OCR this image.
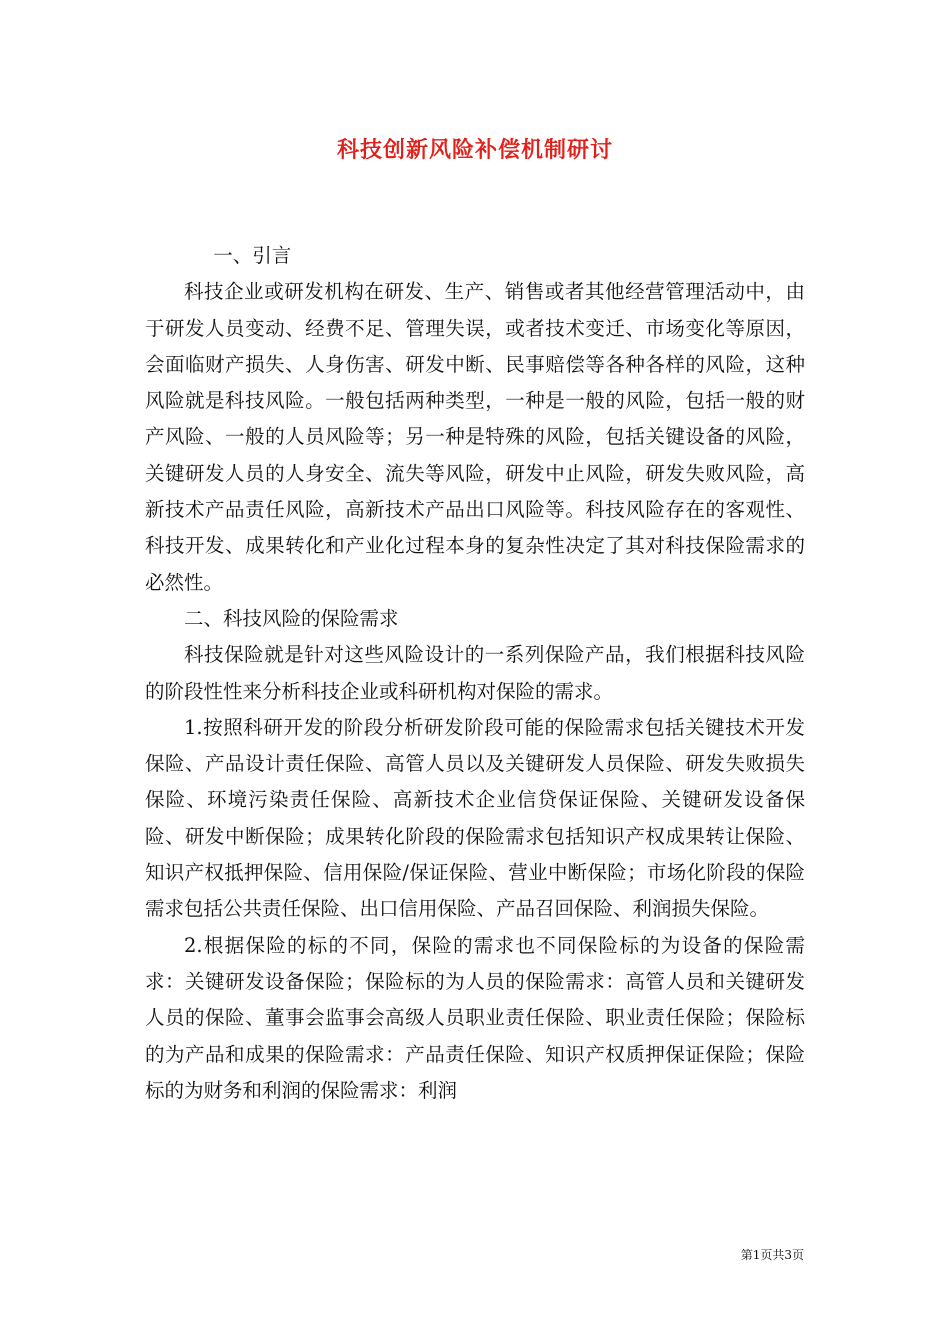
科技创新风险补偿机制研讨

一、引言

科技企业或研发机构在研发、生产、销售或者其他经营管理活动中，由于研发人员变动、经费不足、管理失误，或者技术变迁、市场变化等原因，会面临财产损失、人身伤害、研发中断、民事赔偿等各种各样的风险，这种风险就是科技风险。一般包括两种类型，一种是一般的风险，包括一般的财产风险、一般的人员风险等；另一种是特殊的风险，包括关键设备的风险，关键研发人员的人身安全、流失等风险，研发中止风险，研发失败风险，高新技术产品责任风险，高新技术产品出口风险等。科技风险存在的客观性、科技开发、成果转化和产业化过程本身的复杂性决定了其对科技保险需求的必然性。

二、科技风险的保险需求

科技保险就是针对这些风险设计的一系列保险产品，我们根据科技风险的阶段性性来分析科技企业或科研机构对保险的需求。

1.按照科研开发的阶段分析研发阶段可能的保险需求包括关键技术开发保险、产品设计责任保险、高管人员以及关键研发人员保险、研发失败损失保险、环境污染责任保险、高新技术企业信贷保证保险、关键研发设备保险、研发中断保险；成果转化阶段的保险需求包括知识产权成果转让保险、知识产权抵押保险、信用保险/保证保险、营业中断保险；市场化阶段的保险需求包括公共责任保险、出口信用保险、产品召回保险、利润损失保险。

2.根据保险的标的不同，保险的需求也不同保险标的为设备的保险需求：关键研发设备保险；保险标的为人员的保险需求：高管人员和关键研发人员的保险、董事会监事会高级人员职业责任保险、职业责任保险；保险标的为产品和成果的保险需求：产品责任保险、知识产权质押保证保险；保险标的为财务和利润的保险需求：利润

第1页共3页
